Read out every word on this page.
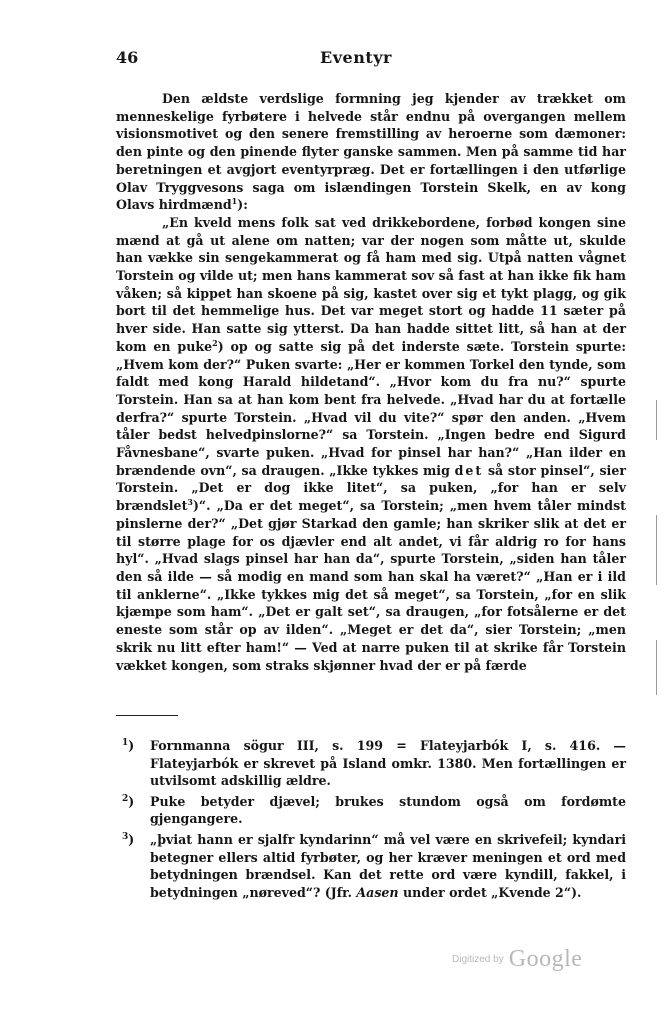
46	Eventyr

Den ældste verdslige formning jeg kjender av trækket om menneskelige fyrbøtere i helvede står endnu på overgangen mellem visionsmotivet og den senere fremstilling av heroerne som dæmoner: den pinte og den pinende flyter ganske sammen. Men på samme tid har beretningen et avgjort eventyrpræg. Det er fortællingen i den utførlige Olav Tryggvesons saga om islændingen Torstein Skelk, en av kong Olavs hirdmænd$^1$):

„En kveld mens folk sat ved drikkebordene, forbød kongen sine mænd at gå ut alene om natten; var der nogen som måtte ut, skulde han vække sin sengekammerat og få ham med sig. Utpå natten vågnet Torstein og vilde ut; men hans kammerat sov så fast at han ikke fik ham våken; så kippet han skoene på sig, kastet over sig et tykt plagg, og gik bort til det hemmelige hus. Det var meget stort og hadde 11 sæter på hver side. Han satte sig ytterst. Da han hadde sittet litt, så han at der kom en puke$^2$) op og satte sig på det inderste sæte. Torstein spurte: „Hvem kom der?“ Puken svarte: „Her er kommen Torkel den tynde, som faldt med kong Harald hildetand“. „Hvor kom du fra nu?“ spurte Torstein. Han sa at han kom bent fra helvede. „Hvad har du at fortælle derfra?“ spurte Torstein. „Hvad vil du vite?“ spør den anden. „Hvem tåler bedst helvedpinslorne?“ sa Torstein. „Ingen bedre end Sigurd Fåvnesbane“, svarte puken. „Hvad for pinsel har han?“ „Han ilder en brændende ovn“, sa draugen. „Ikke tykkes mig det så stor pinsel“, sier Torstein. „Det er dog ikke litet“, sa puken, „for han er selv brændslet$^3$)“. „Da er det meget“, sa Torstein; „men hvem tåler mindst pinslerne der?“ „Det gjør Starkad den gamle; han skriker slik at det er til større plage for os djævler end alt andet, vi får aldrig ro for hans hyl“. „Hvad slags pinsel har han da“, spurte Torstein, „siden han tåler den så ilde — så modig en mand som han skal ha været?“ „Han er i ild til anklerne“. „Ikke tykkes mig det så meget“, sa Torstein, „for en slik kjæmpe som ham“. „Det er galt set“, sa draugen, „for fotsålerne er det eneste som står op av ilden“. „Meget er det da“, sier Torstein; „men skrik nu litt efter ham!“ — Ved at narre puken til at skrike får Torstein vækket kongen, som straks skjønner hvad der er på færde

$^1$) Fornmanna sögur III, s. 199 = Flateyjarbók I, s. 416. — Flateyjarbók er skrevet på Island omkr. 1380. Men fortællingen er utvilsomt adskillig ældre.
$^2$) Puke betyder djævel; brukes stundom også om fordømte gjengangere.
$^3$) „þviat hann er sjalfr kyndarinn“ må vel være en skrivefeil; kyndari betegner ellers altid fyrbøter, og her kræver meningen et ord med betydningen brændsel. Kan det rette ord være kyndill, fakkel, i betydningen „nøreved“? (Jfr. Aasen under ordet „Kvende 2“).
$^{Digitized by}$ Google
